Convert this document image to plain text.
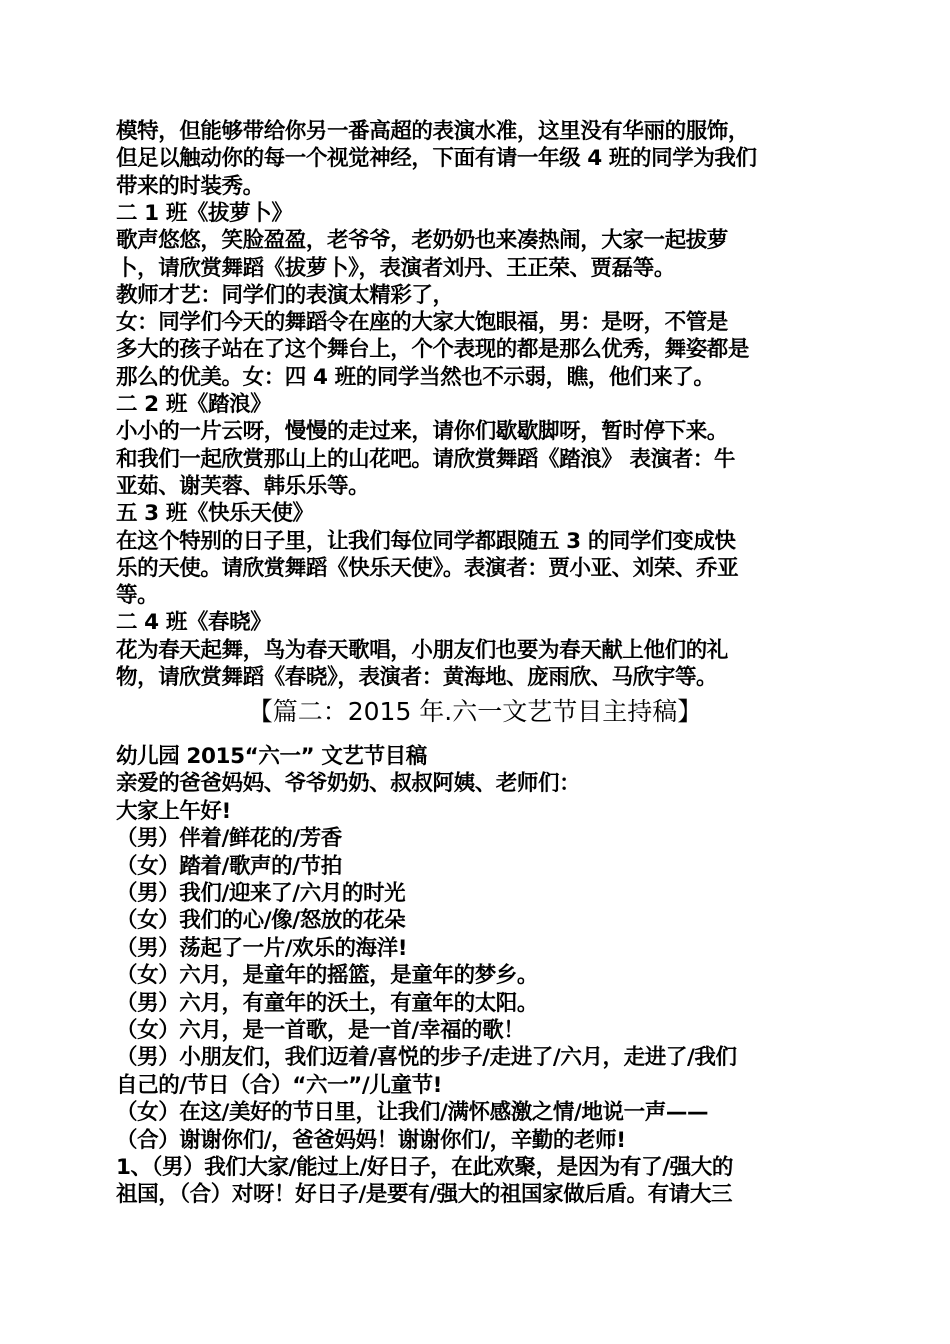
模特，但能够带给你另一番高超的表演水准，这里没有华丽的服饰，
但足以触动你的每一个视觉神经，下面有请一年级 4 班的同学为我们
带来的时装秀。
二 1 班《拔萝卜》
歌声悠悠，笑脸盈盈，老爷爷，老奶奶也来凑热闹，大家一起拔萝
卜，请欣赏舞蹈《拔萝卜》，表演者刘丹、王正荣、贾磊等。
教师才艺：同学们的表演太精彩了，
女：同学们今天的舞蹈令在座的大家大饱眼福，男：是呀，不管是
多大的孩子站在了这个舞台上，个个表现的都是那么优秀，舞姿都是
那么的优美。女：四 4 班的同学当然也不示弱，瞧，他们来了。
二 2 班《踏浪》
小小的一片云呀，慢慢的走过来，请你们歇歇脚呀，暂时停下来。
和我们一起欣赏那山上的山花吧。请欣赏舞蹈《踏浪》 表演者：牛
亚茹、谢芙蓉、韩乐乐等。
五 3 班《快乐天使》
在这个特别的日子里，让我们每位同学都跟随五 3 的同学们变成快
乐的天使。请欣赏舞蹈《快乐天使》。表演者：贾小亚、刘荣、乔亚
等。
二 4 班《春晓》
花为春天起舞，鸟为春天歌唱，小朋友们也要为春天献上他们的礼
物，请欣赏舞蹈《春晓》，表演者：黄海地、庞雨欣、马欣宇等。
【篇二：2015 年.六一文艺节目主持稿】
幼儿园 2015“六一” 文艺节目稿
亲爱的爸爸妈妈、爷爷奶奶、叔叔阿姨、老师们：
大家上午好!
（男）伴着/鲜花的/芳香
（女）踏着/歌声的/节拍
（男）我们/迎来了/六月的时光
（女）我们的心/像/怒放的花朵
（男）荡起了一片/欢乐的海洋!
（女）六月，是童年的摇篮，是童年的梦乡。
（男）六月，有童年的沃土，有童年的太阳。
（女）六月，是一首歌，是一首/幸福的歌！
（男）小朋友们，我们迈着/喜悦的步子/走进了/六月，走进了/我们
自己的/节日（合）“六一”/儿童节!
（女）在这/美好的节日里，让我们/满怀感激之情/地说一声——
（合）谢谢你们/，爸爸妈妈！谢谢你们/，辛勤的老师!
1、（男）我们大家/能过上/好日子，在此欢聚，是因为有了/强大的
祖国，（合）对呀！好日子/是要有/强大的祖国家做后盾。有请大三
